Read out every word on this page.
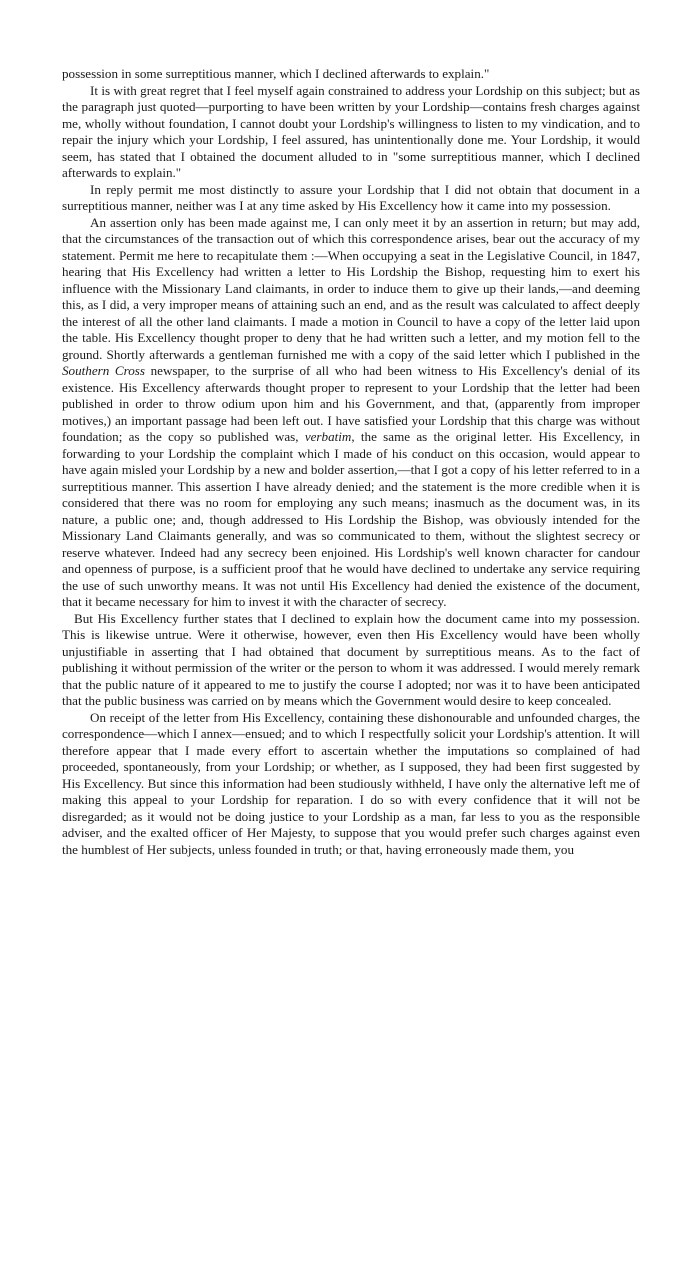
possession in some surreptitious manner, which I declined afterwards to explain."

It is with great regret that I feel myself again constrained to address your Lordship on this subject; but as the paragraph just quoted—purporting to have been written by your Lordship—contains fresh charges against me, wholly without foundation, I cannot doubt your Lordship's willingness to listen to my vindication, and to repair the injury which your Lordship, I feel assured, has unintentionally done me. Your Lordship, it would seem, has stated that I obtained the document alluded to in "some surreptitious manner, which I declined afterwards to explain."

In reply permit me most distinctly to assure your Lordship that I did not obtain that document in a surreptitious manner, neither was I at any time asked by His Excellency how it came into my possession.

An assertion only has been made against me, I can only meet it by an assertion in return; but may add, that the circumstances of the transaction out of which this correspondence arises, bear out the accuracy of my statement. Permit me here to recapitulate them :—When occupying a seat in the Legislative Council, in 1847, hearing that His Excellency had written a letter to His Lordship the Bishop, requesting him to exert his influence with the Missionary Land claimants, in order to induce them to give up their lands,—and deeming this, as I did, a very improper means of attaining such an end, and as the result was calculated to affect deeply the interest of all the other land claimants. I made a motion in Council to have a copy of the letter laid upon the table. His Excellency thought proper to deny that he had written such a letter, and my motion fell to the ground. Shortly afterwards a gentleman furnished me with a copy of the said letter which I published in the Southern Cross newspaper, to the surprise of all who had been witness to His Excellency's denial of its existence. His Excellency afterwards thought proper to represent to your Lordship that the letter had been published in order to throw odium upon him and his Government, and that, (apparently from improper motives,) an important passage had been left out. I have satisfied your Lordship that this charge was without foundation; as the copy so published was, verbatim, the same as the original letter. His Excellency, in forwarding to your Lordship the complaint which I made of his conduct on this occasion, would appear to have again misled your Lordship by a new and bolder assertion,—that I got a copy of his letter referred to in a surreptitious manner. This assertion I have already denied; and the statement is the more credible when it is considered that there was no room for employing any such means; inasmuch as the document was, in its nature, a public one; and, though addressed to His Lordship the Bishop, was obviously intended for the Missionary Land Claimants generally, and was so communicated to them, without the slightest secrecy or reserve whatever. Indeed had any secrecy been enjoined. His Lordship's well known character for candour and openness of purpose, is a sufficient proof that he would have declined to undertake any service requiring the use of such unworthy means. It was not until His Excellency had denied the existence of the document, that it became necessary for him to invest it with the character of secrecy.

But His Excellency further states that I declined to explain how the document came into my possession. This is likewise untrue. Were it otherwise, however, even then His Excellency would have been wholly unjustifiable in asserting that I had obtained that document by surreptitious means. As to the fact of publishing it without permission of the writer or the person to whom it was addressed. I would merely remark that the public nature of it appeared to me to justify the course I adopted; nor was it to have been anticipated that the public business was carried on by means which the Government would desire to keep concealed.

On receipt of the letter from His Excellency, containing these dishonourable and unfounded charges, the correspondence—which I annex—ensued; and to which I respectfully solicit your Lordship's attention. It will therefore appear that I made every effort to ascertain whether the imputations so complained of had proceeded, spontaneously, from your Lordship; or whether, as I supposed, they had been first suggested by His Excellency. But since this information had been studiously withheld, I have only the alternative left me of making this appeal to your Lordship for reparation. I do so with every confidence that it will not be disregarded; as it would not be doing justice to your Lordship as a man, far less to you as the responsible adviser, and the exalted officer of Her Majesty, to suppose that you would prefer such charges against even the humblest of Her subjects, unless founded in truth; or that, having erroneously made them, you
